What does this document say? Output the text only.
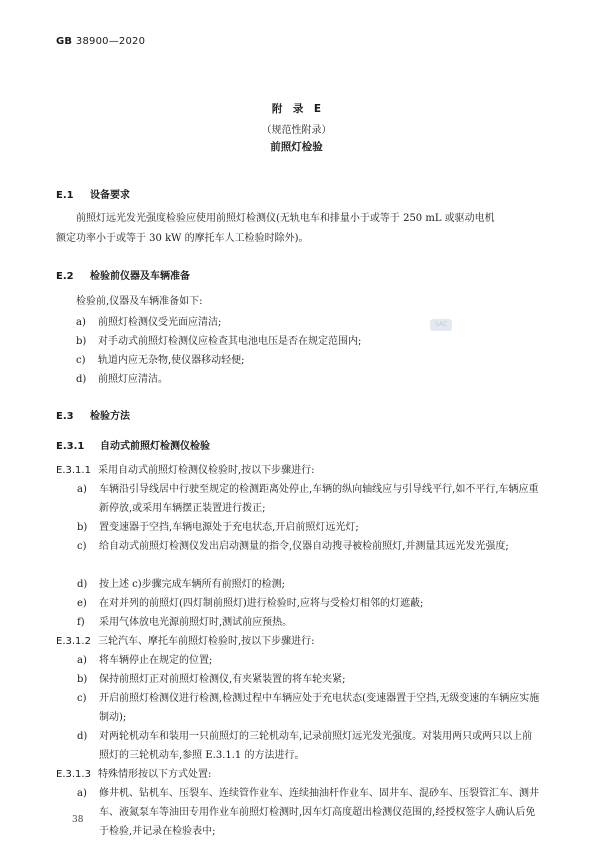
GB 38900—2020
附　录　E
（规范性附录）
前照灯检验
E.1 设备要求
前照灯远光发光强度检验应使用前照灯检测仪(无轨电车和排量小于或等于 250 mL 或驱动电机
额定功率小于或等于 30 kW 的摩托车人工检验时除外)。
E.2 检验前仪器及车辆准备
检验前,仪器及车辆准备如下:
a) 前照灯检测仪受光面应清洁;
b) 对手动式前照灯检测仪应检查其电池电压是否在规定范围内;
c) 轨道内应无杂物,使仪器移动轻便;
d) 前照灯应清洁。
SAC
E.3 检验方法
E.3.1 自动式前照灯检测仪检验
E.3.1.1 采用自动式前照灯检测仪检验时,按以下步骤进行:
a) 车辆沿引导线居中行驶至规定的检测距离处停止,车辆的纵向轴线应与引导线平行,如不平行,车辆应重新停放,或采用车辆摆正装置进行拨正;
b) 置变速器于空挡,车辆电源处于充电状态,开启前照灯远光灯;
c) 给自动式前照灯检测仪发出启动测量的指令,仪器自动搜寻被检前照灯,并测量其远光发光强度;
d) 按上述 c)步骤完成车辆所有前照灯的检测;
e) 在对并列的前照灯(四灯制前照灯)进行检验时,应将与受检灯相邻的灯遮蔽;
f) 采用气体放电光源前照灯时,测试前应预热。
E.3.1.2 三轮汽车、摩托车前照灯检验时,按以下步骤进行:
a) 将车辆停止在规定的位置;
b) 保持前照灯正对前照灯检测仪,有夹紧装置的将车轮夹紧;
c) 开启前照灯检测仪进行检测,检测过程中车辆应处于充电状态(变速器置于空挡,无级变速的车辆应实施制动);
d) 对两轮机动车和装用一只前照灯的三轮机动车,记录前照灯远光发光强度。对装用两只或两只以上前照灯的三轮机动车,参照 E.3.1.1 的方法进行。
E.3.1.3 特殊情形按以下方式处置:
a) 修井机、钻机车、压裂车、连续管作业车、连续抽油杆作业车、固井车、混砂车、压裂管汇车、测井车、液氮泵车等油田专用作业车前照灯检测时,因车灯高度超出检测仪范围的,经授权签字人确认后免于检验,并记录在检验表中;
38
